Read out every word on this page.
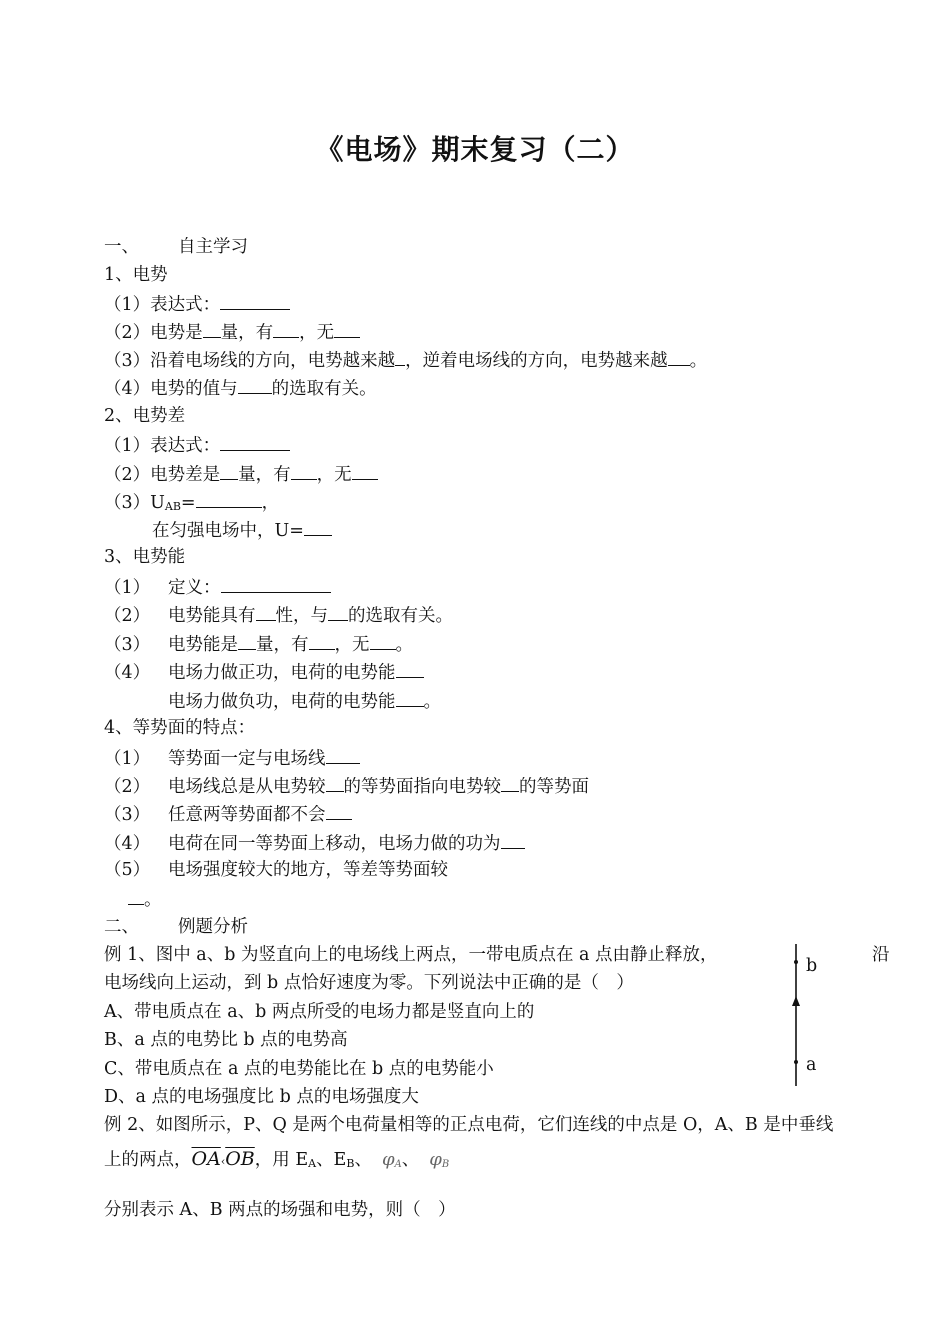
《电场》期末复习（二）
一、 自主学习
1、电势
（1）表达式：
（2）电势是 量，有 ，无
（3）沿着电场线的方向，电势越来越 ，逆着电场线的方向，电势越来越 。
（4）电势的值与 的选取有关。
2、电势差
（1）表达式：
（2）电势差是 量，有 ，无
$(3)U_{AB}=$	，
在匀强电场中，U=
3、电势能
（1） 定义：
（2） 电势能具有 性，与 的选取有关。
（3） 电势能是 量，有 ，无 。
（4） 电场力做正功，电荷的电势能
电场力做负功，电荷的电势能 。
4、等势面的特点：
（1） 等势面一定与电场线
（2） 电场线总是从电势较 的等势面指向电势较 的等势面
（3） 任意两等势面都不会
（4） 电荷在同一等势面上移动，电场力做的功为
（5） 电场强度较大的地方，等差等势面较
。
二、 例题分析
例 1、图中 a、b 为竖直向上的电场线上两点，一带电质点在 a 点由静止释放，	沿
电场线向上运动，到 b 点恰好速度为零。下列说法中正确的是（　）
A、带电质点在 a、b 两点所受的电场力都是竖直向上的
B、a 点的电势比 b 点的电势高
C、带电质点在 a 点的电势能比在 b 点的电势能小
D、a 点的电场强度比 b 点的电场强度大
b
a
例 2、如图所示，P、Q 是两个电荷量相等的正点电荷，它们连线的中点是 O，A、B 是中垂线
上的两点，$\overline{OA}‹\overline{OB}$，用 $E_A$、$E_B$、 $\varphi_A$、 $\varphi_B$
分别表示 A、B 两点的场强和电势，则（　）
